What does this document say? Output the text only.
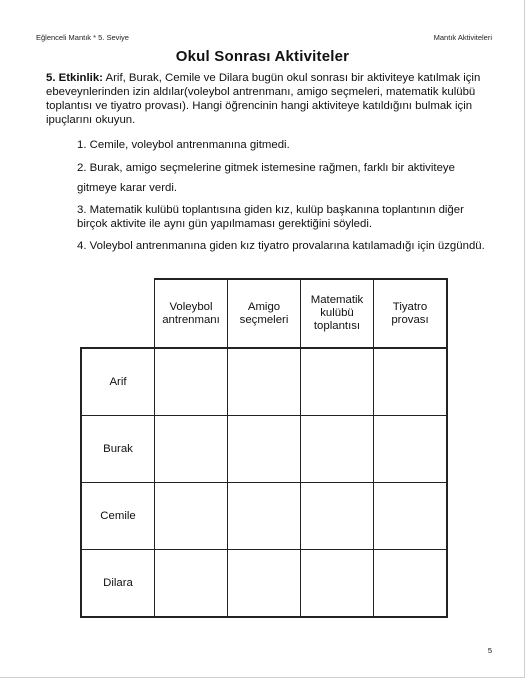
Eğlenceli Mantık * 5. Seviye	Mantık Aktiviteleri
Okul Sonrası Aktiviteler
5. Etkinlik: Arif, Burak, Cemile ve Dilara bugün okul sonrası bir aktiviteye katılmak için ebeveynlerinden izin aldılar(voleybol antrenmanı, amigo seçmeleri, matematik kulübü toplantısı ve tiyatro provası). Hangi öğrencinin hangi aktiviteye katıldığını bulmak için ipuçlarını okuyun.
1. Cemile, voleybol antrenmanına gitmedi.
2. Burak, amigo seçmelerine gitmek istemesine rağmen, farklı bir aktiviteye gitmeye karar verdi.
3. Matematik kulübü toplantısına giden kız, kulüp başkanına toplantının diğer birçok aktivite ile aynı gün yapılmaması gerektiğini söyledi.
4. Voleybol antrenmanına giden kız tiyatro provalarına katılamadığı için üzgündü.

	Voleybol antrenmanı	Amigo seçmeleri	Matematik kulübü toplantısı	Tiyatro provası

Arif				
Burak				
Cemile				
Dilara				
5
